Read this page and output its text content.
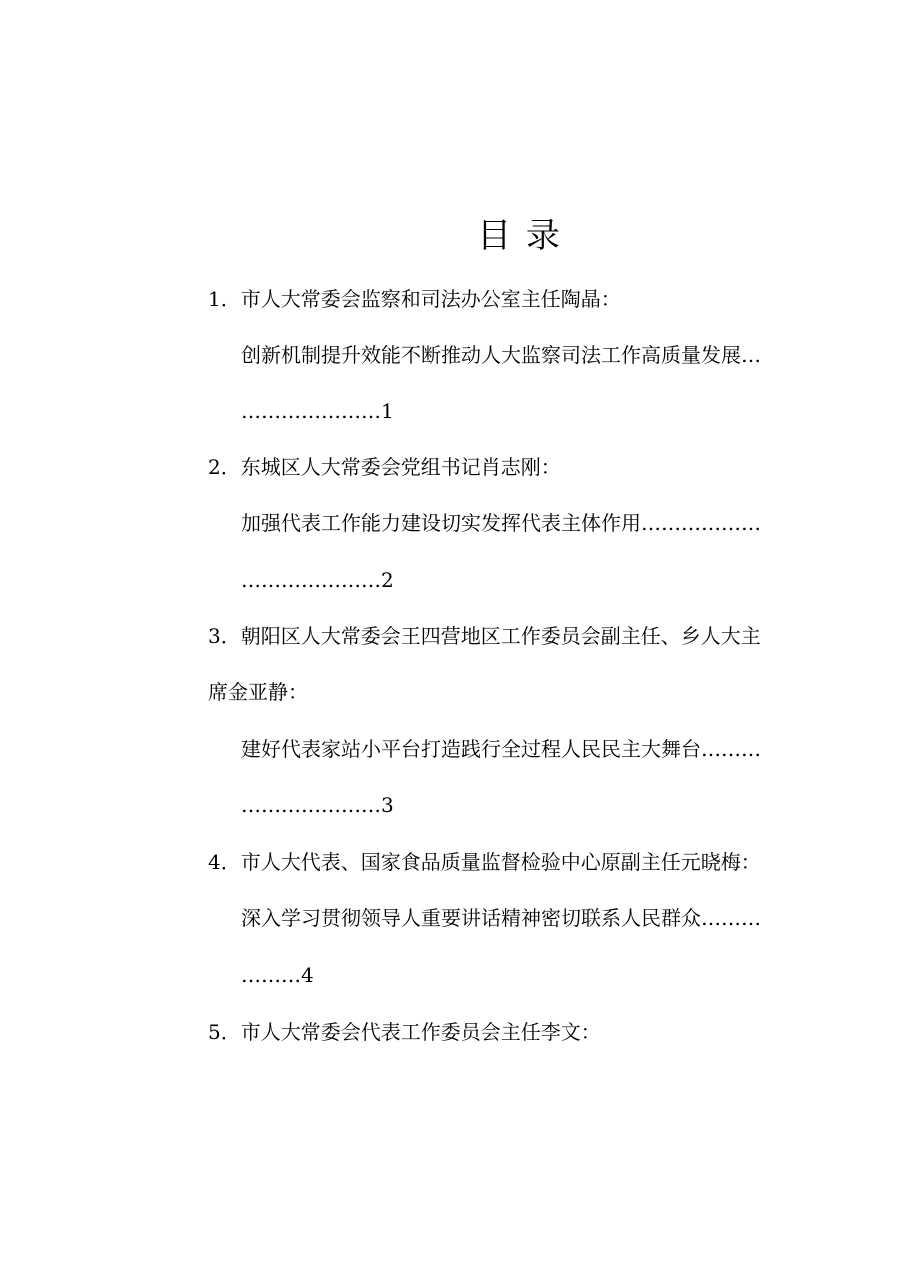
目 录
1．市人大常委会监察和司法办公室主任陶晶：
创新机制提升效能不断推动人大监察司法工作高质量发展…
…………………1
2．东城区人大常委会党组书记肖志刚：
加强代表工作能力建设切实发挥代表主体作用………………
…………………2
3．朝阳区人大常委会王四营地区工作委员会副主任、乡人大主
席金亚静：
建好代表家站小平台打造践行全过程人民民主大舞台………
…………………3
4．市人大代表、国家食品质量监督检验中心原副主任元晓梅：
深入学习贯彻领导人重要讲话精神密切联系人民群众………
………4
5．市人大常委会代表工作委员会主任李文：
